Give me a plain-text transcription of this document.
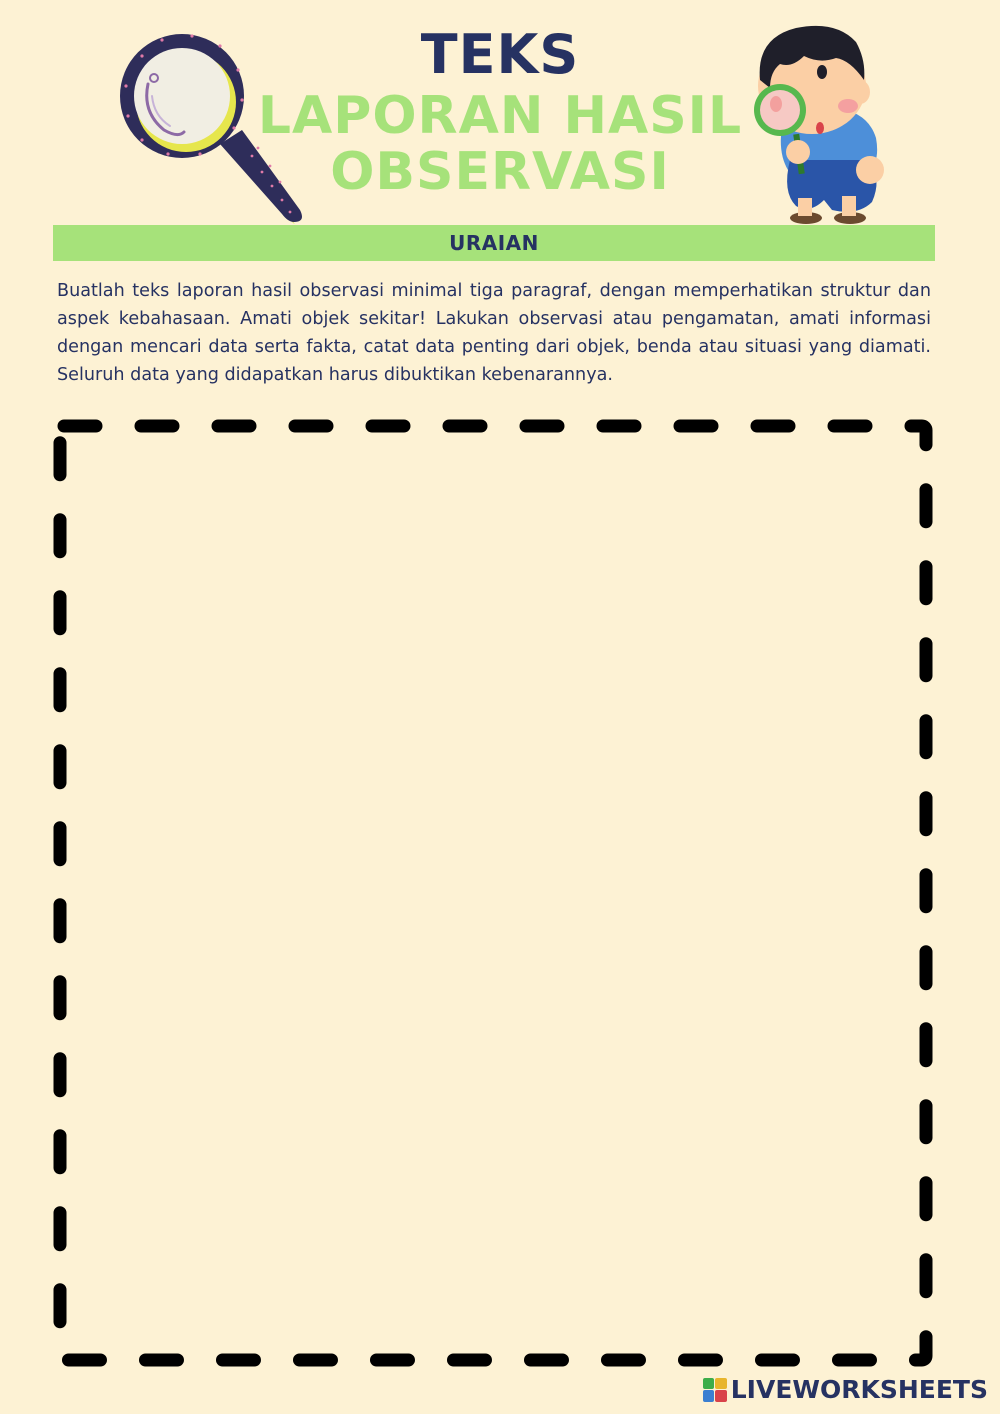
TEKS
LAPORAN HASIL
OBSERVASI
URAIAN

Buatlah teks laporan hasil observasi minimal tiga paragraf, dengan memperhatikan struktur dan aspek kebahasaan. Amati objek sekitar! Lakukan observasi atau pengamatan, amati informasi dengan mencari data serta fakta, catat data penting dari objek, benda atau situasi yang diamati. Seluruh data yang didapatkan harus dibuktikan kebenarannya.

LIVEWORKSHEETS
